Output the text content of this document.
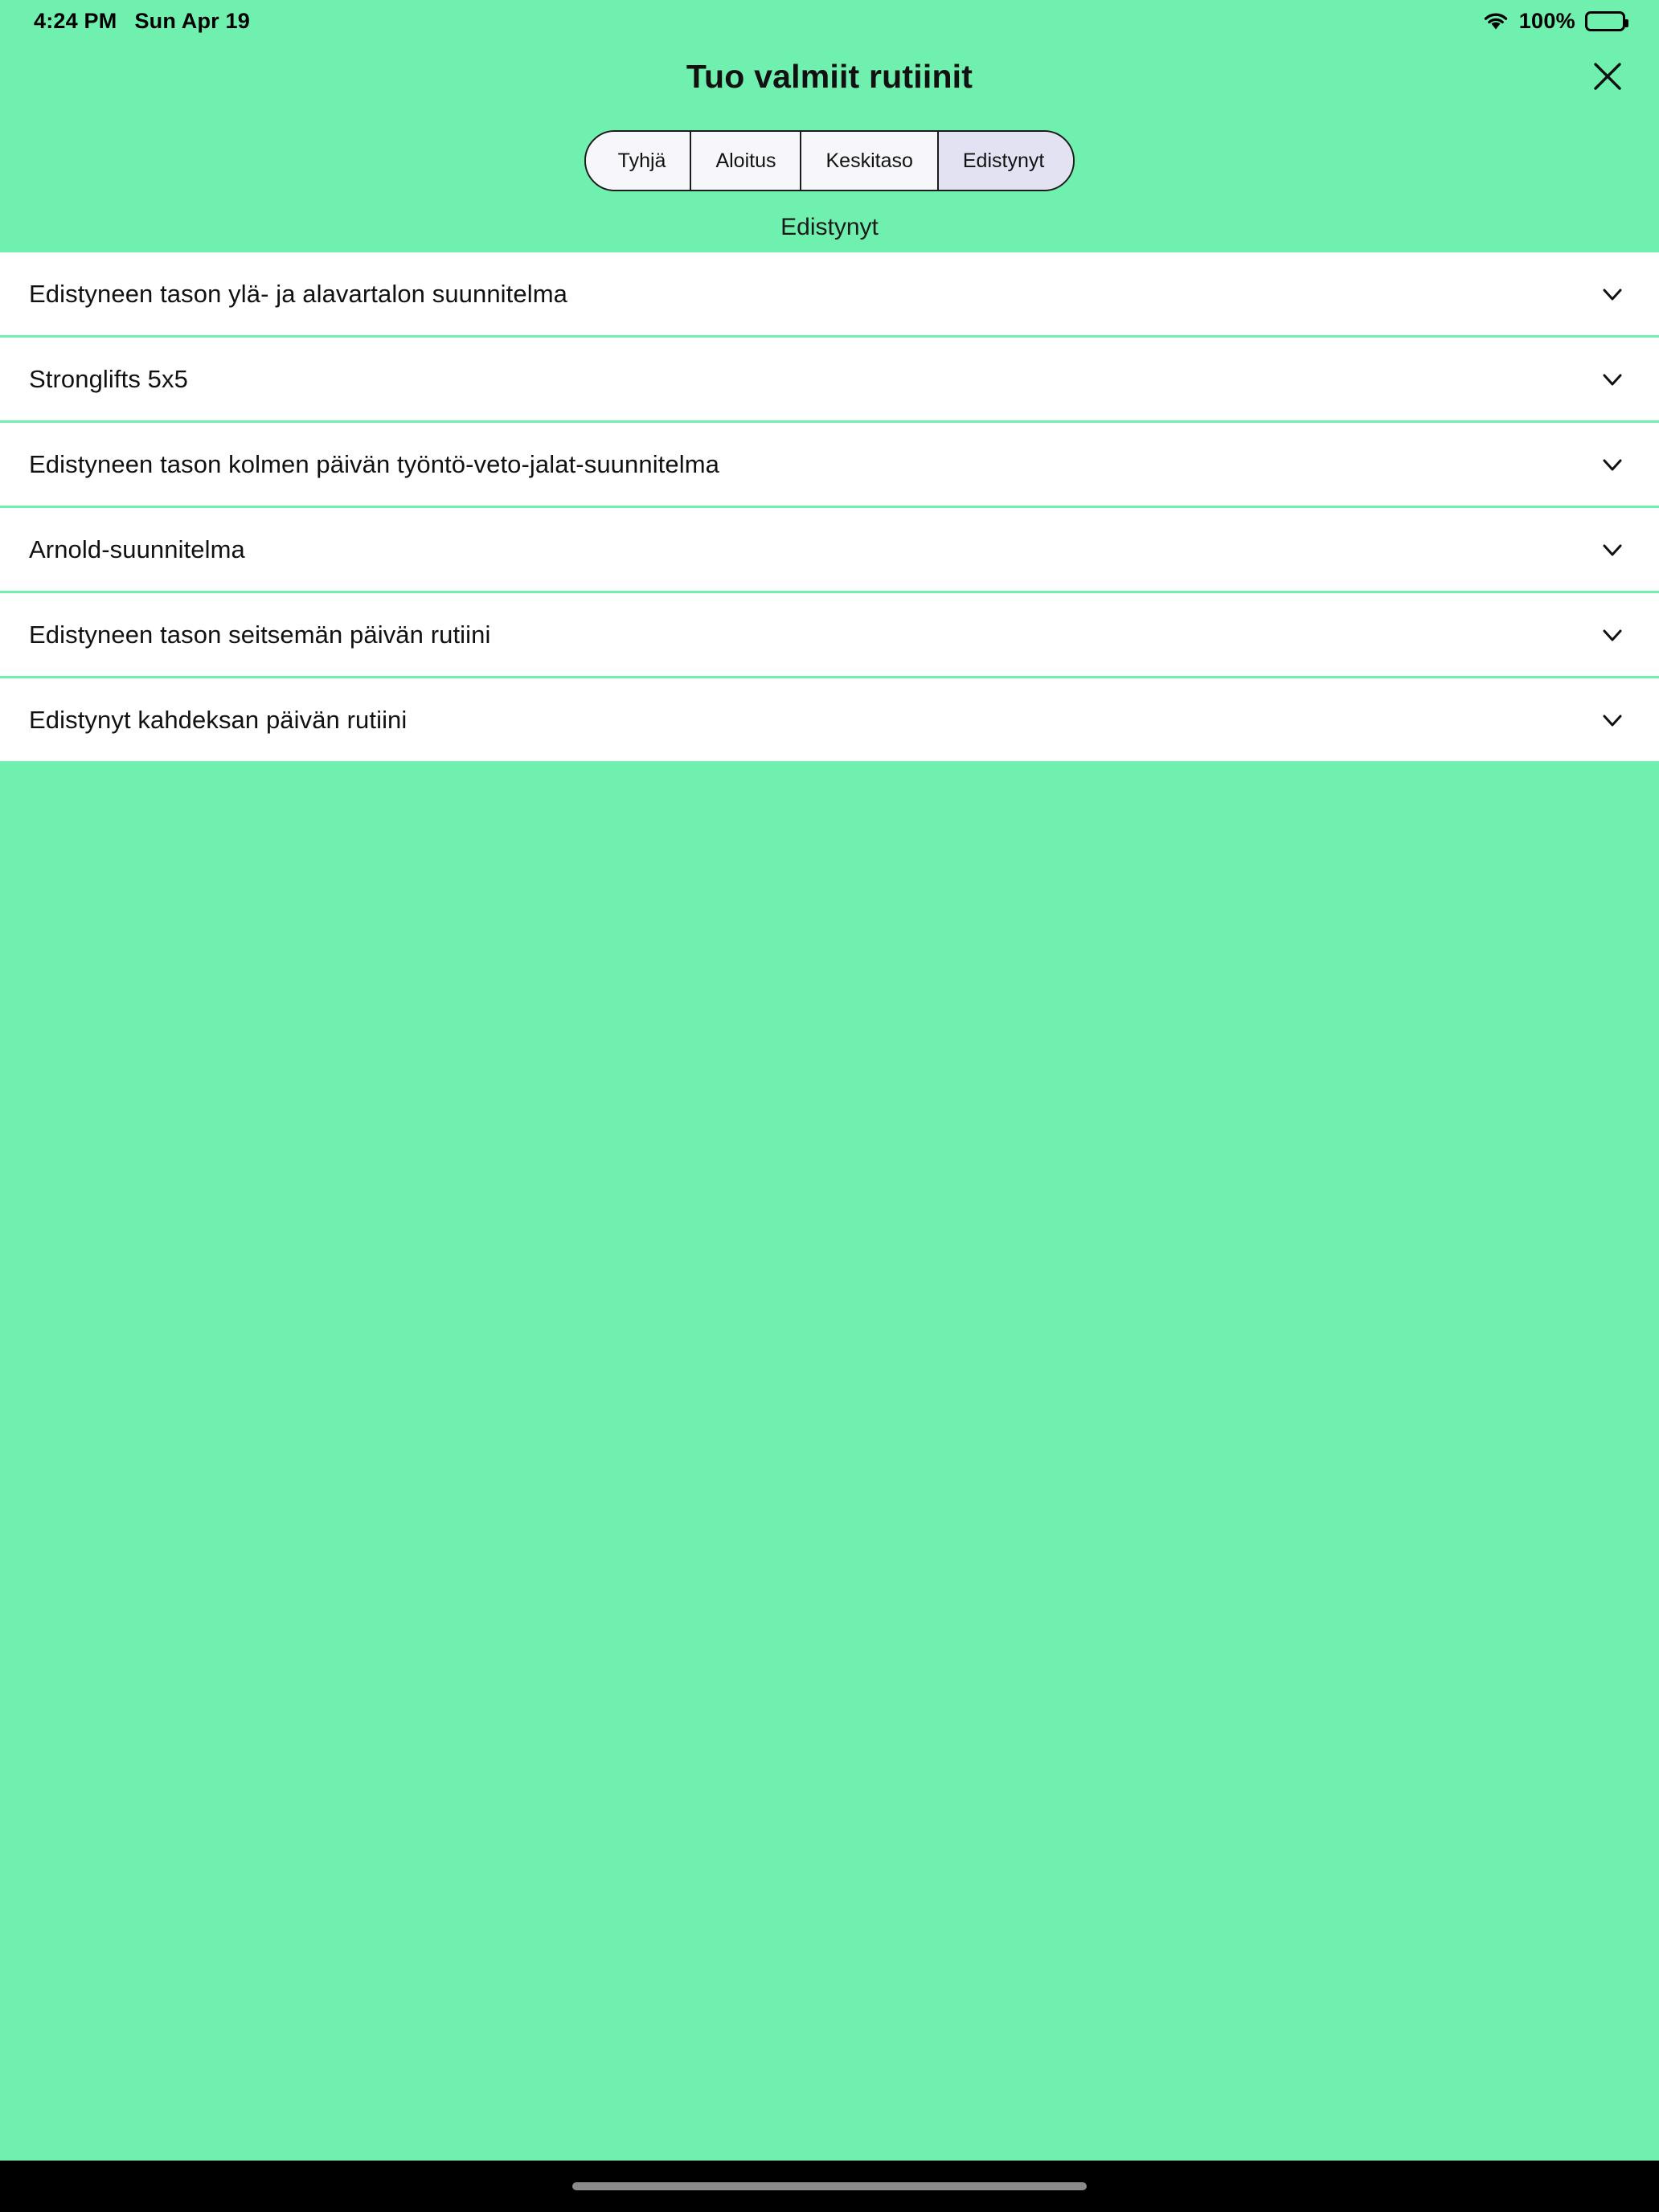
4:24 PM Sun Apr 19	100%
Tuo valmiit rutiinit
Tyhjä	Aloitus	Keskitaso	Edistynyt
Edistynyt
Edistyneen tason ylä- ja alavartalon suunnitelma
Stronglifts 5x5
Edistyneen tason kolmen päivän työntö-veto-jalat-suunnitelma
Arnold-suunnitelma
Edistyneen tason seitsemän päivän rutiini
Edistynyt kahdeksan päivän rutiini
